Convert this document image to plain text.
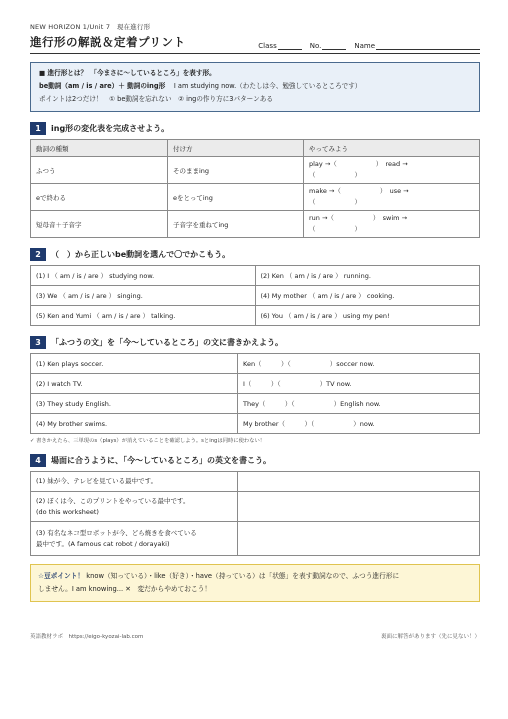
NEW HORIZON 1/Unit 7　現在進行形
進行形の解説＆定着プリント	Class	No.	Name
■ 進行形とは？　「今まさに～しているところ」を表す形。
be動詞（am / is / are）＋ 動詞のing形　 I am studying now.（わたしは今、勉強しているところです）
ポイントは2つだけ！　① be動詞を忘れない　② ingの作り方に3パターンある
1	ing形の変化表を完成させよう。
動詞の種類	付け方	やってみよう
ふつう	そのままing	play →（　　　　　　）　read →
（　　　　　　）

eで終わる	eをとってing	make →（　　　　　　）　use →
（　　　　　　）

短母音＋子音字	子音字を重ねてing	run →（　　　　　　）　swim →
（　　　　　　）
2	（　）から正しいbe動詞を選んで〇でかこもう。
(1) I （ am / is / are ） studying now.	(2) Ken （ am / is / are ） running.
(3) We （ am / is / are ） singing.	(4) My mother （ am / is / are ） cooking.
(5) Ken and Yumi （ am / is / are ） talking.	(6) You （ am / is / are ） using my pen!
3	「ふつうの文」を「今～しているところ」の文に書きかえよう。
(1) Ken plays soccer.	Ken（　　　）（　　　　　　）soccer now.
(2) I watch TV.	I（　　　）（　　　　　　）TV now.
(3) They study English.	They（　　　）（　　　　　　）English now.
(4) My brother swims.	My brother（　　　）（　　　　　　）now.
✓ 書きかえたら、三単現のs（plays）が消えていることを確認しよう。sとingは同時に使わない！
4	場面に合うように、「今～しているところ」の英文を書こう。
(1) 妹が今、テレビを見ている最中です。	

(2) ぼくは今、このプリントをやっている最中です。
(do this worksheet)	

(3) 有名なネコ型ロボットが今、どら焼きを食べている
最中です。(A famous cat robot / dorayaki)	

☆豆ポイント！ know（知っている）・like（好き）・have（持っている）は「状態」を表す動詞なので、ふつう進行形に
しません。I am knowing... ✕　変だからやめておこう！
英語教材ラボ　https://eigo-kyozai-lab.com	裏面に解答があります（先に見ない！）
